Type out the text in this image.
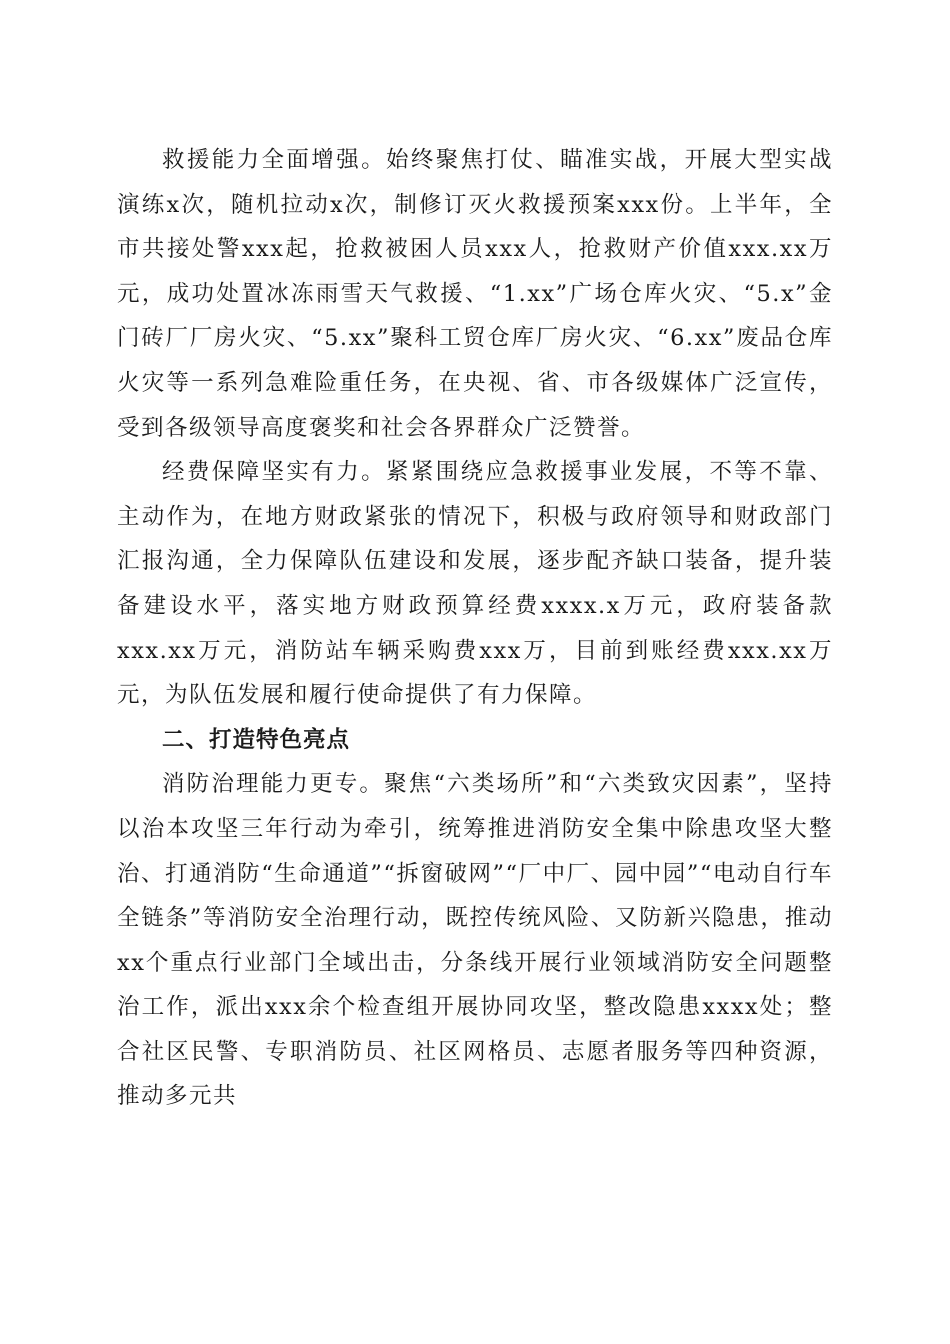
救援能力全面增强。始终聚焦打仗、瞄准实战，开展大型实战演练x次，随机拉动x次，制修订灭火救援预案xxx份。上半年，全市共接处警xxx起，抢救被困人员xxx人，抢救财产价值xxx.xx万元，成功处置冰冻雨雪天气救援、“1.xx”广场仓库火灾、“5.x”金门砖厂厂房火灾、“5.xx”聚科工贸仓库厂房火灾、“6.xx”废品仓库火灾等一系列急难险重任务，在央视、省、市各级媒体广泛宣传，受到各级领导高度褒奖和社会各界群众广泛赞誉。

经费保障坚实有力。紧紧围绕应急救援事业发展，不等不靠、主动作为，在地方财政紧张的情况下，积极与政府领导和财政部门汇报沟通，全力保障队伍建设和发展，逐步配齐缺口装备，提升装备建设水平，落实地方财政预算经费xxxx.x万元，政府装备款xxx.xx万元，消防站车辆采购费xxx万，目前到账经费xxx.xx万元，为队伍发展和履行使命提供了有力保障。

二、打造特色亮点

消防治理能力更专。聚焦“六类场所”和“六类致灾因素”，坚持以治本攻坚三年行动为牵引，统筹推进消防安全集中除患攻坚大整治、打通消防“生命通道”“拆窗破网”“厂中厂、园中园”“电动自行车全链条”等消防安全治理行动，既控传统风险、又防新兴隐患，推动xx个重点行业部门全域出击，分条线开展行业领域消防安全问题整治工作，派出xxx余个检查组开展协同攻坚，整改隐患xxxx处；整合社区民警、专职消防员、社区网格员、志愿者服务等四种资源，推动多元共
